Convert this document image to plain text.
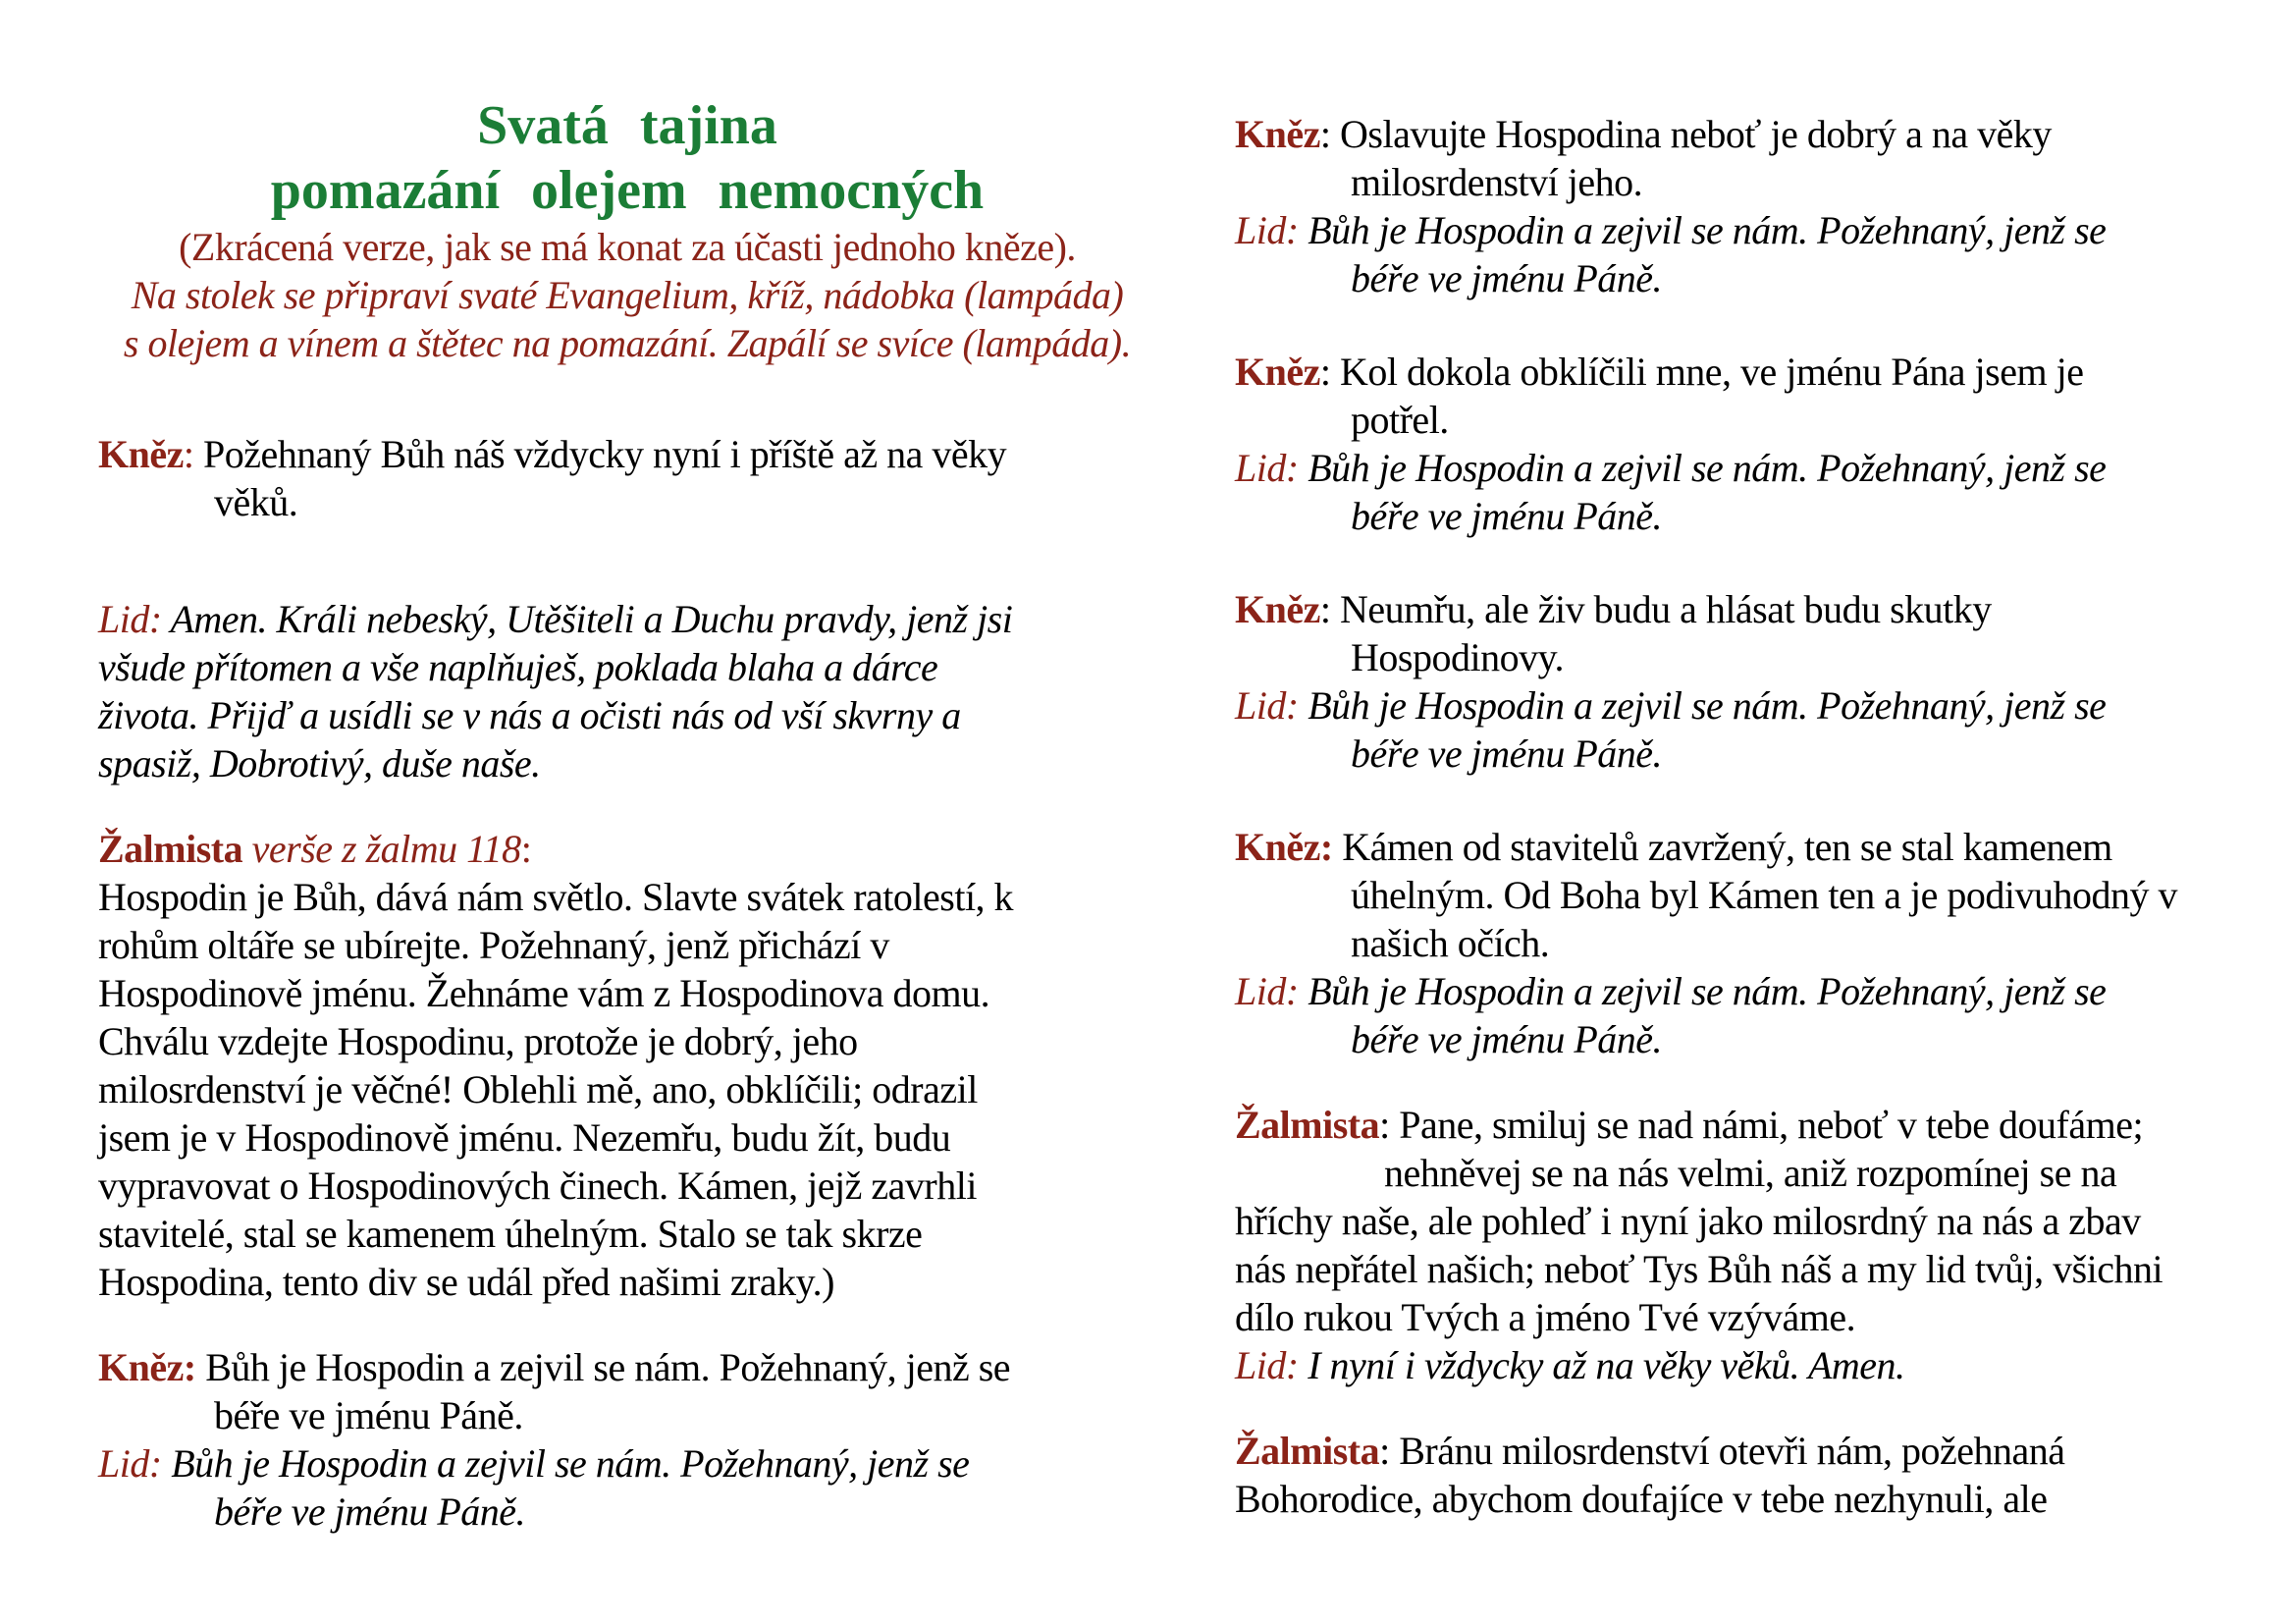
Svatá tajina
pomazání olejem nemocných
(Zkrácená verze, jak se má konat za účasti jednoho kněze).
Na stolek se připraví svaté Evangelium, kříž, nádobka (lampáda)
s olejem a vínem a štětec na pomazání. Zapálí se svíce (lampáda).
Kněz: Požehnaný Bůh náš vždycky nyní i příště až na věky
věků.
Lid: Amen. Králi nebeský, Utěšiteli a Duchu pravdy, jenž jsi
všude přítomen a vše naplňuješ, poklada blaha a dárce
života. Přijď a usídli se v nás a očisti nás od vší skvrny a
spasiž, Dobrotivý, duše naše.
Žalmista verše z žalmu 118:
Hospodin je Bůh, dává nám světlo. Slavte svátek ratolestí, k
rohům oltáře se ubírejte. Požehnaný, jenž přichází v
Hospodinově jménu. Žehnáme vám z Hospodinova domu.
Chválu vzdejte Hospodinu, protože je dobrý, jeho
milosrdenství je věčné! Oblehli mě, ano, obklíčili; odrazil
jsem je v Hospodinově jménu. Nezemřu, budu žít, budu
vypravovat o Hospodinových činech. Kámen, jejž zavrhli
stavitelé, stal se kamenem úhelným. Stalo se tak skrze
Hospodina, tento div se udál před našimi zraky.)
Kněz: Bůh je Hospodin a zejvil se nám. Požehnaný, jenž se
béře ve jménu Páně.
Lid: Bůh je Hospodin a zejvil se nám. Požehnaný, jenž se
béře ve jménu Páně.
Kněz: Oslavujte Hospodina neboť je dobrý a na věky
milosrdenství jeho.
Lid: Bůh je Hospodin a zejvil se nám. Požehnaný, jenž se
béře ve jménu Páně.
Kněz: Kol dokola obklíčili mne, ve jménu Pána jsem je
potřel.
Lid: Bůh je Hospodin a zejvil se nám. Požehnaný, jenž se
béře ve jménu Páně.
Kněz: Neumřu, ale živ budu a hlásat budu skutky
Hospodinovy.
Lid: Bůh je Hospodin a zejvil se nám. Požehnaný, jenž se
béře ve jménu Páně.
Kněz: Kámen od stavitelů zavržený, ten se stal kamenem
úhelným. Od Boha byl Kámen ten a je podivuhodný v
našich očích.
Lid: Bůh je Hospodin a zejvil se nám. Požehnaný, jenž se
béře ve jménu Páně.
Žalmista: Pane, smiluj se nad námi, neboť v tebe doufáme;
nehněvej se na nás velmi, aniž rozpomínej se na
hříchy naše, ale pohleď i nyní jako milosrdný na nás a zbav
nás nepřátel našich; neboť Tys Bůh náš a my lid tvůj, všichni
dílo rukou Tvých a jméno Tvé vzýváme.
Lid: I nyní i vždycky až na věky věků. Amen.
Žalmista: Bránu milosrdenství otevři nám, požehnaná
Bohorodice, abychom doufajíce v tebe nezhynuli, ale
